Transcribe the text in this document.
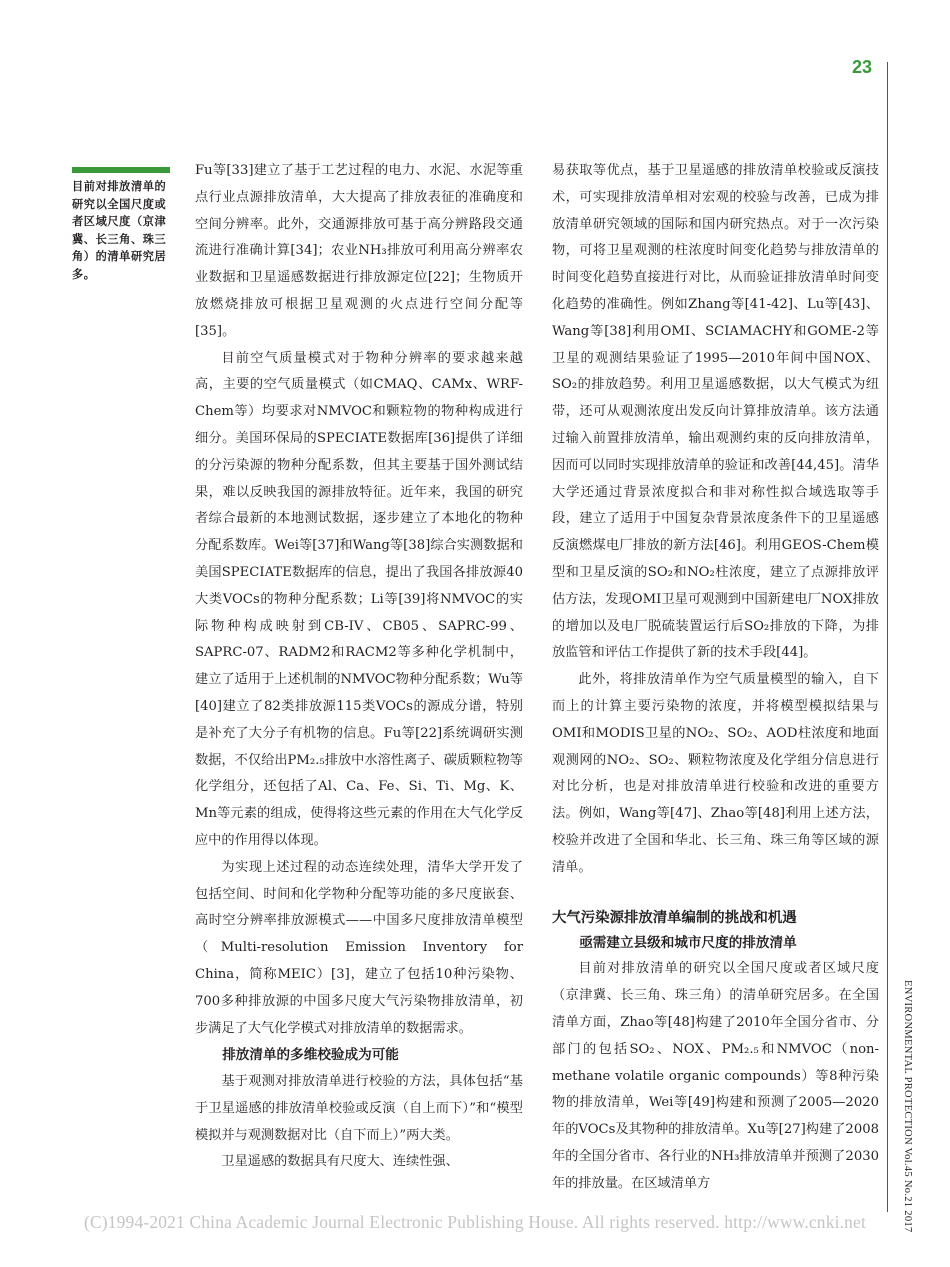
23
目前对排放清单的研究以全国尺度或者区域尺度（京津冀、长三角、珠三角）的清单研究居多。

Fu等[33]建立了基于工艺过程的电力、水泥、水泥等重点行业点源排放清单，大大提高了排放表征的准确度和空间分辨率。此外，交通源排放可基于高分辨路段交通流进行准确计算[34]；农业NH₃排放可利用高分辨率农业数据和卫星遥感数据进行排放源定位[22]；生物质开放燃烧排放可根据卫星观测的火点进行空间分配等[35]。

目前空气质量模式对于物种分辨率的要求越来越高，主要的空气质量模式（如CMAQ、CAMx、WRF-Chem等）均要求对NMVOC和颗粒物的物种构成进行细分。美国环保局的SPECIATE数据库[36]提供了详细的分污染源的物种分配系数，但其主要基于国外测试结果，难以反映我国的源排放特征。近年来，我国的研究者综合最新的本地测试数据，逐步建立了本地化的物种分配系数库。Wei等[37]和Wang等[38]综合实测数据和美国SPECIATE数据库的信息，提出了我国各排放源40大类VOCs的物种分配系数；Li等[39]将NMVOC的实际物种构成映射到CB-IV、CB05、SAPRC-99、SAPRC-07、RADM2和RACM2等多种化学机制中，建立了适用于上述机制的NMVOC物种分配系数；Wu等[40]建立了82类排放源115类VOCs的源成分谱，特别是补充了大分子有机物的信息。Fu等[22]系统调研实测数据，不仅给出PM₂.₅排放中水溶性离子、碳质颗粒物等化学组分，还包括了Al、Ca、Fe、Si、Ti、Mg、K、Mn等元素的组成，使得将这些元素的作用在大气化学反应中的作用得以体现。

为实现上述过程的动态连续处理，清华大学开发了包括空间、时间和化学物种分配等功能的多尺度嵌套、高时空分辨率排放源模式——中国多尺度排放清单模型（Multi-resolution Emission Inventory for China，简称MEIC）[3]，建立了包括10种污染物、700多种排放源的中国多尺度大气污染物排放清单，初步满足了大气化学模式对排放清单的数据需求。

排放清单的多维校验成为可能

基于观测对排放清单进行校验的方法，具体包括“基于卫星遥感的排放清单校验或反演（自上而下）”和“模型模拟并与观测数据对比（自下而上）”两大类。

卫星遥感的数据具有尺度大、连续性强、

易获取等优点，基于卫星遥感的排放清单校验或反演技术，可实现排放清单相对宏观的校验与改善，已成为排放清单研究领域的国际和国内研究热点。对于一次污染物，可将卫星观测的柱浓度时间变化趋势与排放清单的时间变化趋势直接进行对比，从而验证排放清单时间变化趋势的准确性。例如Zhang等[41-42]、Lu等[43]、Wang等[38]利用OMI、SCIAMACHY和GOME-2等卫星的观测结果验证了1995—2010年间中国NOX、SO₂的排放趋势。利用卫星遥感数据，以大气模式为纽带，还可从观测浓度出发反向计算排放清单。该方法通过输入前置排放清单，输出观测约束的反向排放清单，因而可以同时实现排放清单的验证和改善[44,45]。清华大学还通过背景浓度拟合和非对称性拟合域选取等手段，建立了适用于中国复杂背景浓度条件下的卫星遥感反演燃煤电厂排放的新方法[46]。利用GEOS-Chem模型和卫星反演的SO₂和NO₂柱浓度，建立了点源排放评估方法，发现OMI卫星可观测到中国新建电厂NOX排放的增加以及电厂脱硫装置运行后SO₂排放的下降，为排放监管和评估工作提供了新的技术手段[44]。

此外，将排放清单作为空气质量模型的输入，自下而上的计算主要污染物的浓度，并将模型模拟结果与OMI和MODIS卫星的NO₂、SO₂、AOD柱浓度和地面观测网的NO₂、SO₂、颗粒物浓度及化学组分信息进行对比分析，也是对排放清单进行校验和改进的重要方法。例如，Wang等[47]、Zhao等[48]利用上述方法，校验并改进了全国和华北、长三角、珠三角等区域的源清单。

大气污染源排放清单编制的挑战和机遇
亟需建立县级和城市尺度的排放清单

目前对排放清单的研究以全国尺度或者区域尺度（京津冀、长三角、珠三角）的清单研究居多。在全国清单方面，Zhao等[48]构建了2010年全国分省市、分部门的包括SO₂、NOX、PM₂.₅和NMVOC（non-methane volatile organic compounds）等8种污染物的排放清单，Wei等[49]构建和预测了2005—2020年的VOCs及其物种的排放清单。Xu等[27]构建了2008年的全国分省市、各行业的NH₃排放清单并预测了2030年的排放量。在区域清单方	ENVIRONMENTAL PROTECTION Vol.45 No.21 2017
(C)1994-2021 China Academic Journal Electronic Publishing House. All rights reserved. http://www.cnki.net
